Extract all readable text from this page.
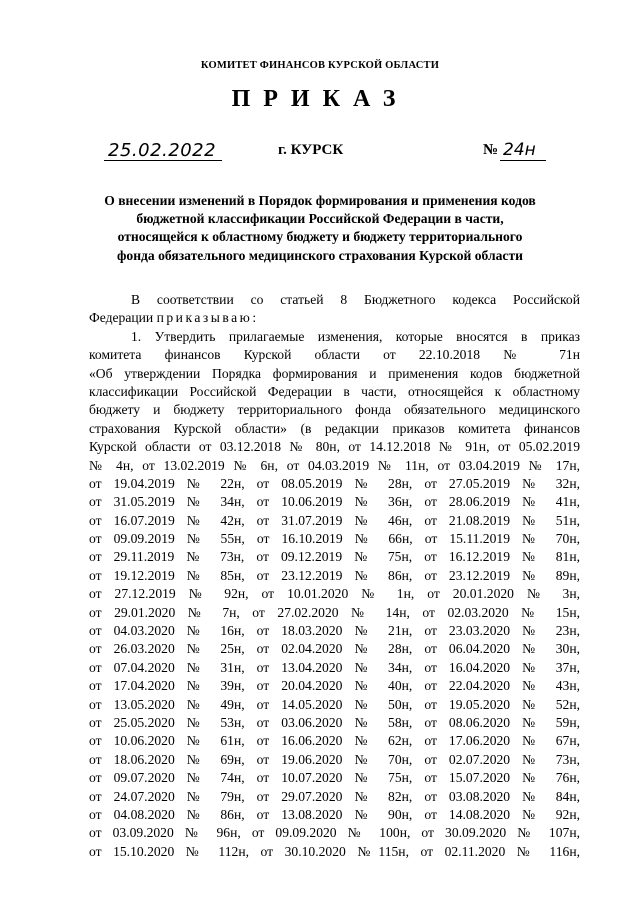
КОМИТЕТ ФИНАНСОВ КУРСКОЙ ОБЛАСТИ
ПРИКАЗ
25.02.2022	г. КУРСК	№ 24н
О внесении изменений в Порядок формирования и применения кодов
бюджетной классификации Российской Федерации в части,
относящейся к областному бюджету и бюджету территориального
фонда обязательного медицинского страхования Курской области
В соответствии со статьей 8 Бюджетного кодекса Российской
Федерации приказываю:
1. Утвердить прилагаемые изменения, которые вносятся в приказ
комитета финансов Курской области от 22.10.2018 № 71н
«Об утверждении Порядка формирования и применения кодов бюджетной
классификации Российской Федерации в части, относящейся к областному
бюджету и бюджету территориального фонда обязательного медицинского
страхования Курской области» (в редакции приказов комитета финансов
Курской области от 03.12.2018 № 80н, от 14.12.2018 № 91н, от 05.02.2019
№ 4н, от 13.02.2019 № 6н, от 04.03.2019 № 11н, от 03.04.2019 № 17н,
от 19.04.2019 № 22н, от 08.05.2019 № 28н, от 27.05.2019 № 32н,
от 31.05.2019 № 34н, от 10.06.2019 № 36н, от 28.06.2019 № 41н,
от 16.07.2019 № 42н, от 31.07.2019 № 46н, от 21.08.2019 № 51н,
от 09.09.2019 № 55н, от 16.10.2019 № 66н, от 15.11.2019 № 70н,
от 29.11.2019 № 73н, от 09.12.2019 № 75н, от 16.12.2019 № 81н,
от 19.12.2019 № 85н, от 23.12.2019 № 86н, от 23.12.2019 № 89н,
от 27.12.2019 № 92н, от 10.01.2020 № 1н, от 20.01.2020 № 3н,
от 29.01.2020 № 7н, от 27.02.2020 № 14н, от 02.03.2020 № 15н,
от 04.03.2020 № 16н, от 18.03.2020 № 21н, от 23.03.2020 № 23н,
от 26.03.2020 № 25н, от 02.04.2020 № 28н, от 06.04.2020 № 30н,
от 07.04.2020 № 31н, от 13.04.2020 № 34н, от 16.04.2020 № 37н,
от 17.04.2020 № 39н, от 20.04.2020 № 40н, от 22.04.2020 № 43н,
от 13.05.2020 № 49н, от 14.05.2020 № 50н, от 19.05.2020 № 52н,
от 25.05.2020 № 53н, от 03.06.2020 № 58н, от 08.06.2020 № 59н,
от 10.06.2020 № 61н, от 16.06.2020 № 62н, от 17.06.2020 № 67н,
от 18.06.2020 № 69н, от 19.06.2020 № 70н, от 02.07.2020 № 73н,
от 09.07.2020 № 74н, от 10.07.2020 № 75н, от 15.07.2020 № 76н,
от 24.07.2020 № 79н, от 29.07.2020 № 82н, от 03.08.2020 № 84н,
от 04.08.2020 № 86н, от 13.08.2020 № 90н, от 14.08.2020 № 92н,
от 03.09.2020 № 96н, от 09.09.2020 № 100н, от 30.09.2020 № 107н,
от 15.10.2020 № 112н, от 30.10.2020 №115н, от 02.11.2020 № 116н,
